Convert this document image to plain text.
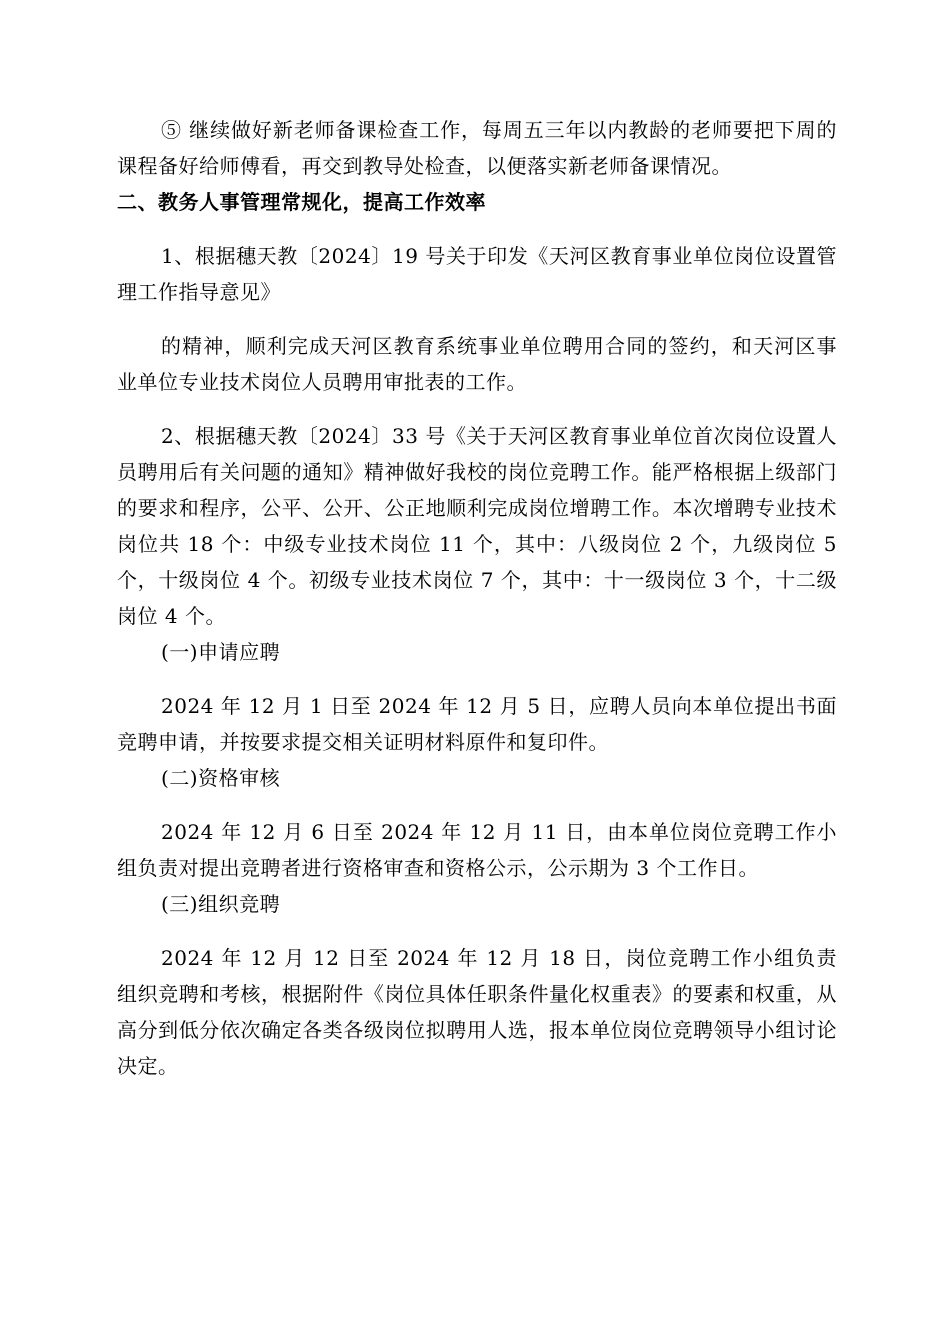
⑤ 继续做好新老师备课检查工作，每周五三年以内教龄的老师要把下周的课程备好给师傅看，再交到教导处检查，以便落实新老师备课情况。

二、教务人事管理常规化，提高工作效率

1、根据穗天教〔2024〕19 号关于印发《天河区教育事业单位岗位设置管理工作指导意见》

的精神，顺利完成天河区教育系统事业单位聘用合同的签约，和天河区事业单位专业技术岗位人员聘用审批表的工作。

2、根据穗天教〔2024〕33 号《关于天河区教育事业单位首次岗位设置人员聘用后有关问题的通知》精神做好我校的岗位竞聘工作。能严格根据上级部门的要求和程序，公平、公开、公正地顺利完成岗位增聘工作。本次增聘专业技术岗位共 18 个：中级专业技术岗位 11 个，其中：八级岗位 2 个，九级岗位 5 个，十级岗位 4 个。初级专业技术岗位 7 个，其中：十一级岗位 3 个，十二级岗位 4 个。

(一)申请应聘

2024 年 12 月 1 日至 2024 年 12 月 5 日，应聘人员向本单位提出书面竞聘申请，并按要求提交相关证明材料原件和复印件。

(二)资格审核

2024 年 12 月 6 日至 2024 年 12 月 11 日，由本单位岗位竞聘工作小组负责对提出竞聘者进行资格审查和资格公示，公示期为 3 个工作日。

(三)组织竞聘

2024 年 12 月 12 日至 2024 年 12 月 18 日，岗位竞聘工作小组负责组织竞聘和考核，根据附件《岗位具体任职条件量化权重表》的要素和权重，从高分到低分依次确定各类各级岗位拟聘用人选，报本单位岗位竞聘领导小组讨论决定。
